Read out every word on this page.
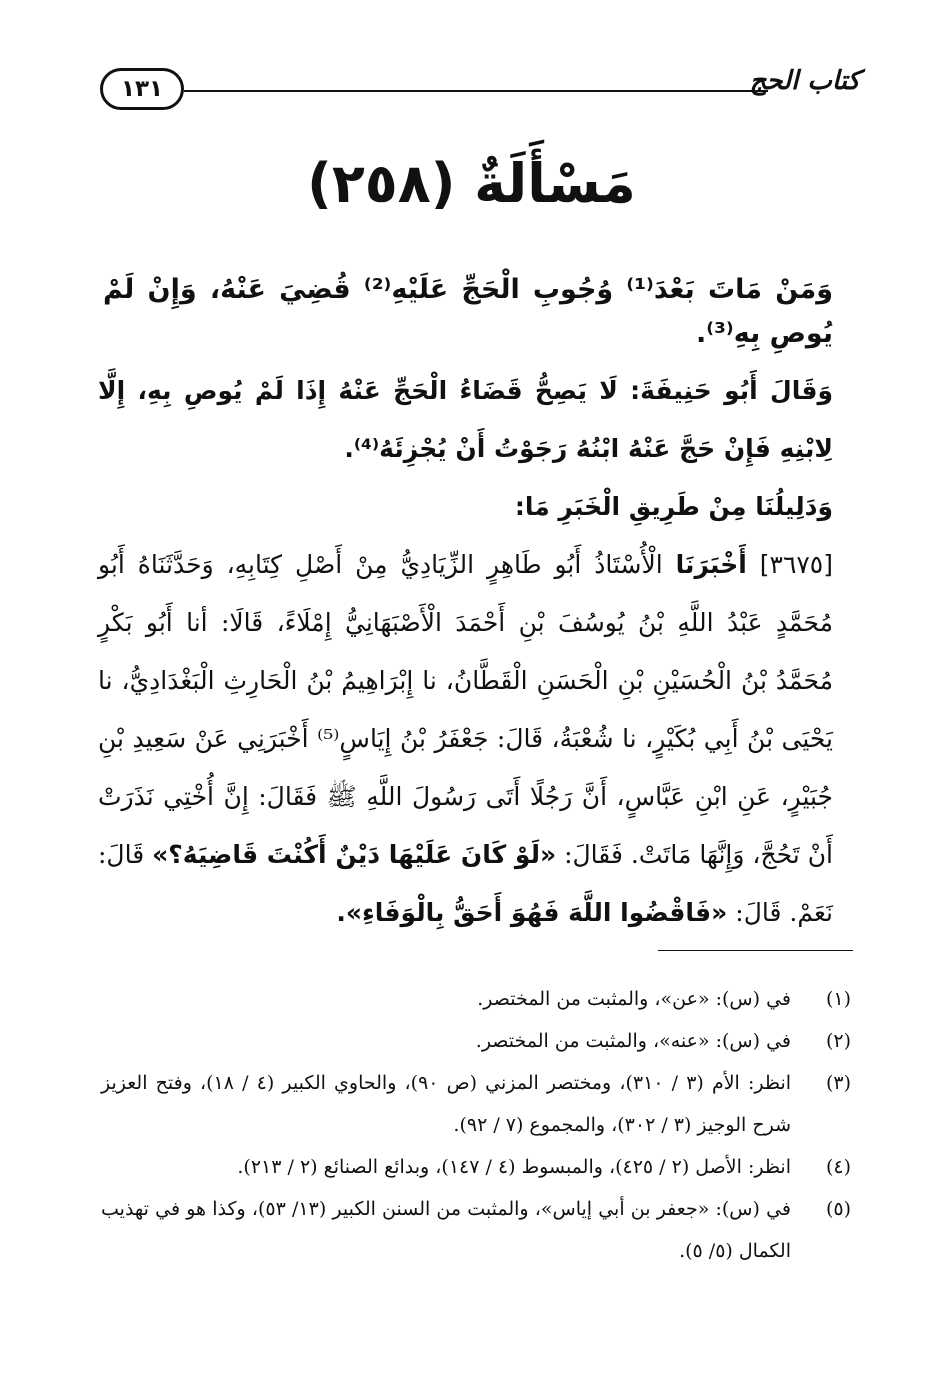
كتاب الحج
١٣١
مَسْأَلَةٌ (٢٥٨)
وَمَنْ مَاتَ بَعْدَ⁽¹⁾ وُجُوبِ الْحَجِّ عَلَيْهِ⁽²⁾ قُضِيَ عَنْهُ، وَإِنْ لَمْ يُوصِ بِهِ⁽³⁾.

وَقَالَ أَبُو حَنِيفَةَ: لَا يَصِحُّ قَضَاءُ الْحَجِّ عَنْهُ إِذَا لَمْ يُوصِ بِهِ، إِلَّا لِابْنِهِ فَإِنْ حَجَّ عَنْهُ ابْنُهُ رَجَوْتُ أَنْ يُجْزِئَهُ⁽⁴⁾.

وَدَلِيلُنَا مِنْ طَرِيقِ الْخَبَرِ مَا:

[٣٦٧٥] أَخْبَرَنَا الْأُسْتَاذُ أَبُو طَاهِرٍ الزِّيَادِيُّ مِنْ أَصْلِ كِتَابِهِ، وَحَدَّثَنَاهُ أَبُو مُحَمَّدٍ عَبْدُ اللَّهِ بْنُ يُوسُفَ بْنِ أَحْمَدَ الْأَصْبَهَانِيُّ إِمْلَاءً، قَالَا: أنا أَبُو بَكْرٍ مُحَمَّدُ بْنُ الْحُسَيْنِ بْنِ الْحَسَنِ الْقَطَّانُ، نا إِبْرَاهِيمُ بْنُ الْحَارِثِ الْبَغْدَادِيُّ، نا يَحْيَى بْنُ أَبِي بُكَيْرٍ، نا شُعْبَةُ، قَالَ: جَعْفَرُ بْنُ إِيَاسٍ⁽⁵⁾ أَخْبَرَنِي عَنْ سَعِيدِ بْنِ جُبَيْرٍ، عَنِ ابْنِ عَبَّاسٍ، أَنَّ رَجُلًا أَتَى رَسُولَ اللَّهِ ﷺ فَقَالَ: إِنَّ أُخْتِي نَذَرَتْ أَنْ تَحُجَّ، وَإِنَّهَا مَاتَتْ. فَقَالَ: «لَوْ كَانَ عَلَيْهَا دَيْنٌ أَكُنْتَ قَاضِيَهُ؟» قَالَ: نَعَمْ. قَالَ: «فَاقْضُوا اللَّهَ فَهُوَ أَحَقُّ بِالْوَفَاءِ».

(١)
في (س): «عن»، والمثبت من المختصر.

(٢)
في (س): «عنه»، والمثبت من المختصر.

(٣)
انظر: الأم (٣ / ٣١٠)، ومختصر المزني (ص ٩٠)، والحاوي الكبير (٤ / ١٨)، وفتح العزيز شرح الوجيز (٣ / ٣٠٢)، والمجموع (٧ / ٩٢).

(٤)
انظر: الأصل (٢ / ٤٢٥)، والمبسوط (٤ / ١٤٧)، وبدائع الصنائع (٢ / ٢١٣).

(٥)
في (س): «جعفر بن أبي إياس»، والمثبت من السنن الكبير (١٣/ ٥٣)، وكذا هو في تهذيب الكمال (٥/ ٥).
